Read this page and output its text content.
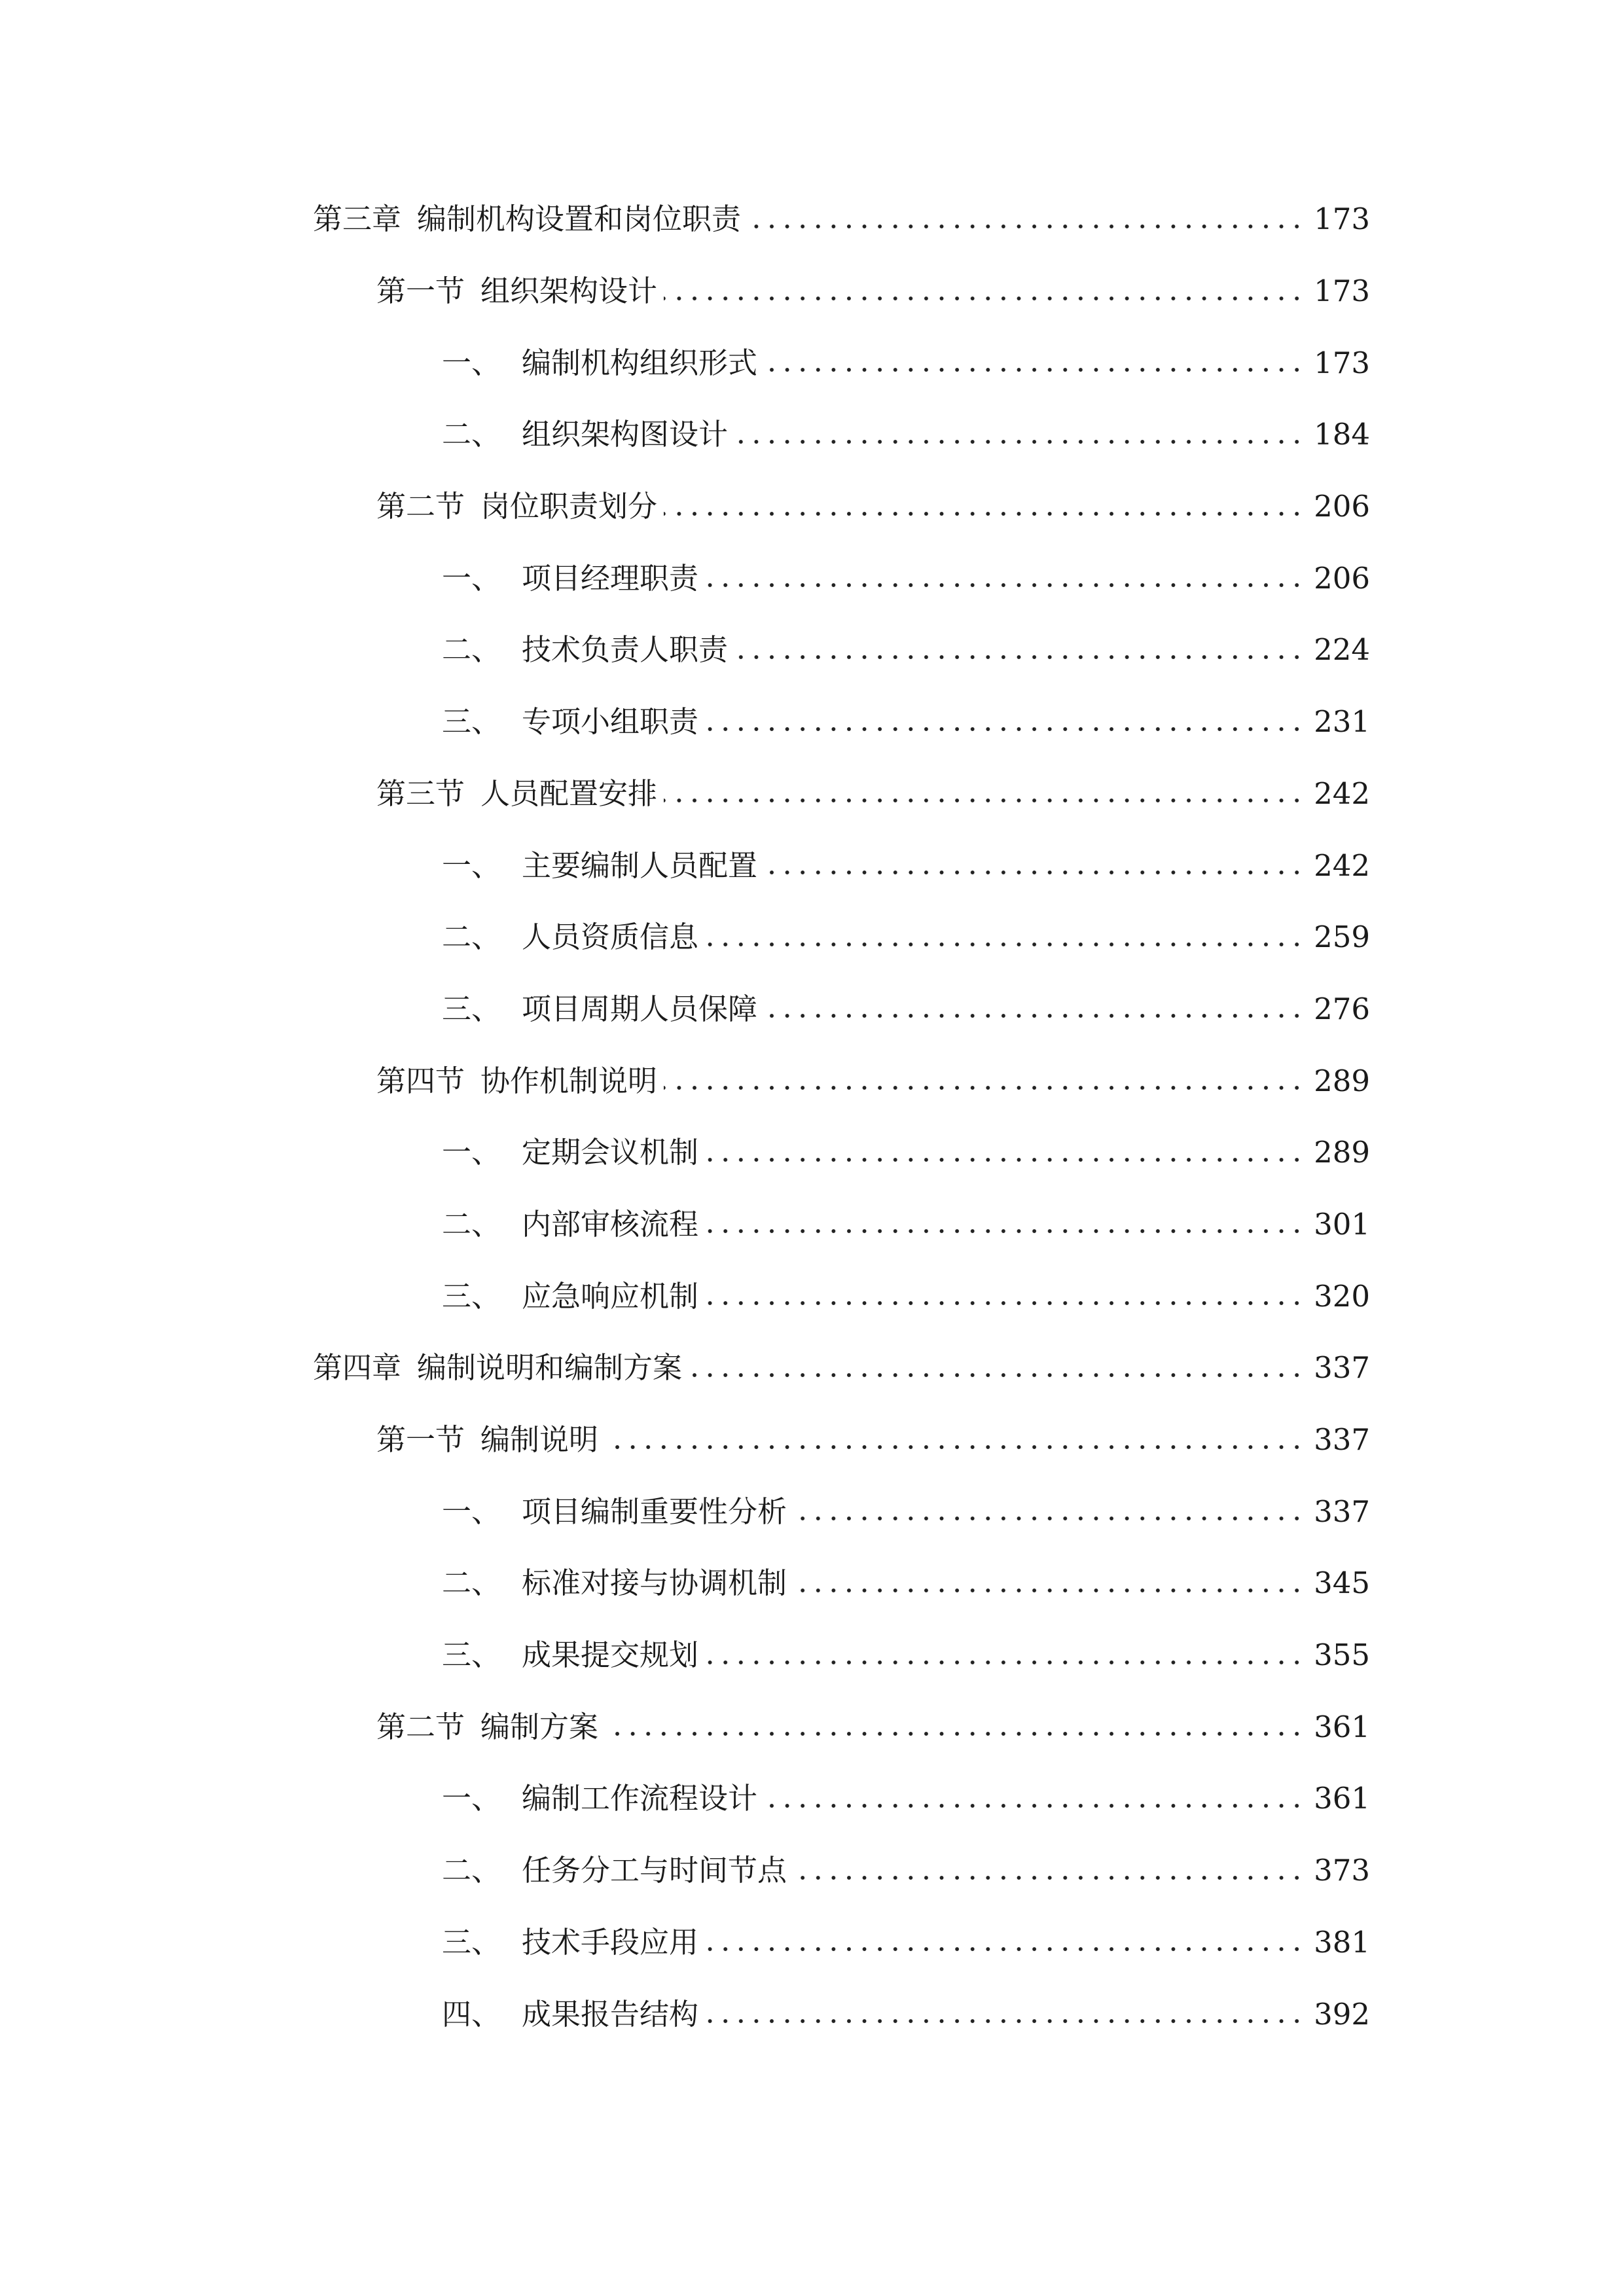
第三章 编制机构设置和岗位职责	173
第一节 组织架构设计	173
一、 编制机构组织形式	173
二、 组织架构图设计	184
第二节 岗位职责划分	206
一、 项目经理职责	206
二、 技术负责人职责	224
三、 专项小组职责	231
第三节 人员配置安排	242
一、 主要编制人员配置	242
二、 人员资质信息	259
三、 项目周期人员保障	276
第四节 协作机制说明	289
一、 定期会议机制	289
二、 内部审核流程	301
三、 应急响应机制	320
第四章 编制说明和编制方案	337
第一节 编制说明	337
一、 项目编制重要性分析	337
二、 标准对接与协调机制	345
三、 成果提交规划	355
第二节 编制方案	361
一、 编制工作流程设计	361
二、 任务分工与时间节点	373
三、 技术手段应用	381
四、 成果报告结构	392
